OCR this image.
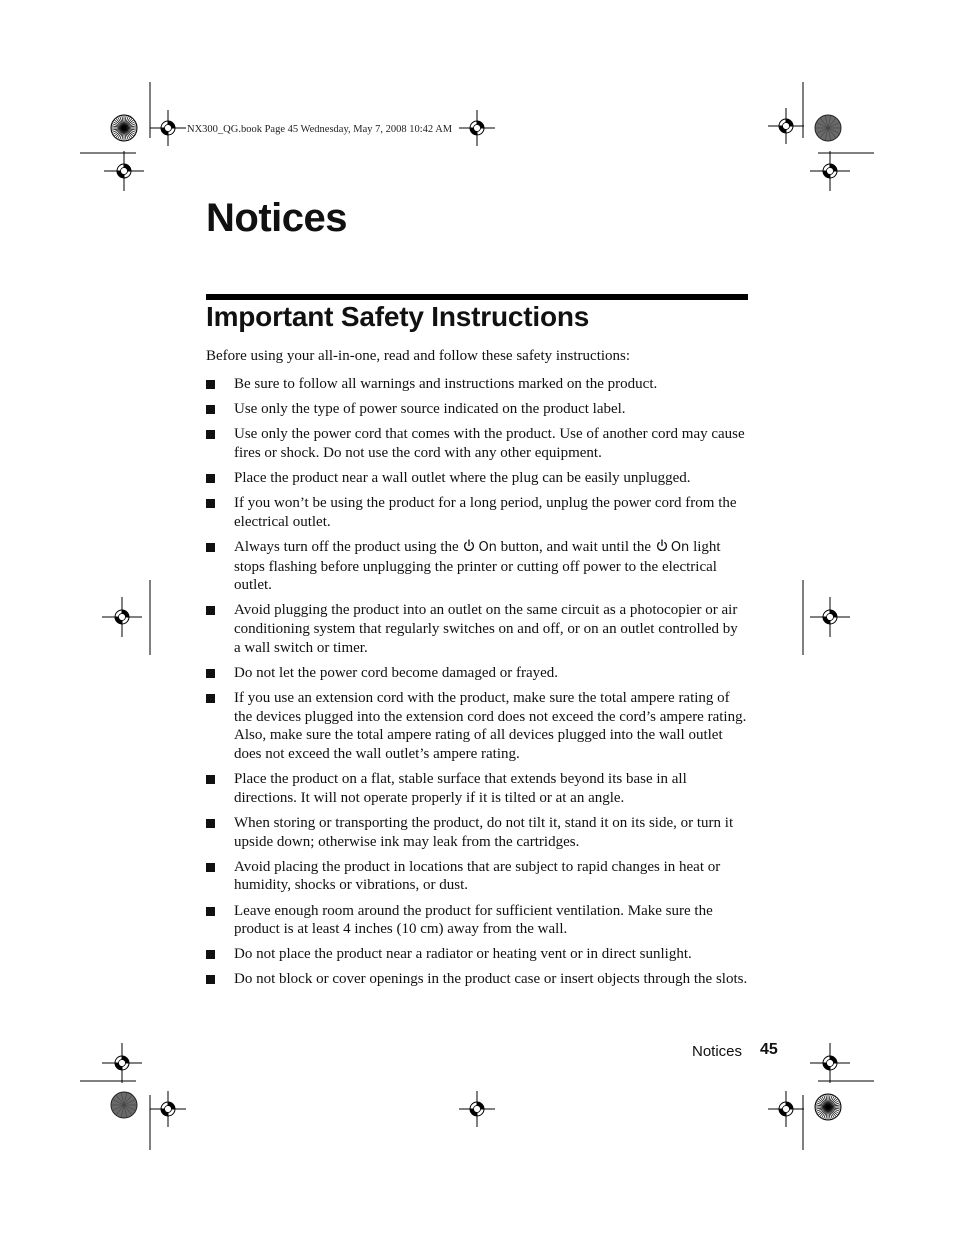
NX300_QG.book Page 45 Wednesday, May 7, 2008 10:42 AM
Notices
Important Safety Instructions

Before using your all-in-one, read and follow these safety instructions:

Be sure to follow all warnings and instructions marked on the product.
Use only the type of power source indicated on the product label.
Use only the power cord that comes with the product. Use of another cord may cause fires or shock. Do not use the cord with any other equipment.
Place the product near a wall outlet where the plug can be easily unplugged.
If you won’t be using the product for a long period, unplug the power cord from the electrical outlet.
Always turn off the product using the On button, and wait until the On light stops flashing before unplugging the printer or cutting off power to the electrical outlet.
Avoid plugging the product into an outlet on the same circuit as a photocopier or air conditioning system that regularly switches on and off, or on an outlet controlled by a wall switch or timer.
Do not let the power cord become damaged or frayed.
If you use an extension cord with the product, make sure the total ampere rating of the devices plugged into the extension cord does not exceed the cord’s ampere rating. Also, make sure the total ampere rating of all devices plugged into the wall outlet does not exceed the wall outlet’s ampere rating.
Place the product on a flat, stable surface that extends beyond its base in all directions. It will not operate properly if it is tilted or at an angle.
When storing or transporting the product, do not tilt it, stand it on its side, or turn it upside down; otherwise ink may leak from the cartridges.
Avoid placing the product in locations that are subject to rapid changes in heat or humidity, shocks or vibrations, or dust.
Leave enough room around the product for sufficient ventilation. Make sure the product is at least 4 inches (10 cm) away from the wall.
Do not place the product near a radiator or heating vent or in direct sunlight.
Do not block or cover openings in the product case or insert objects through the slots.
Notices 45
